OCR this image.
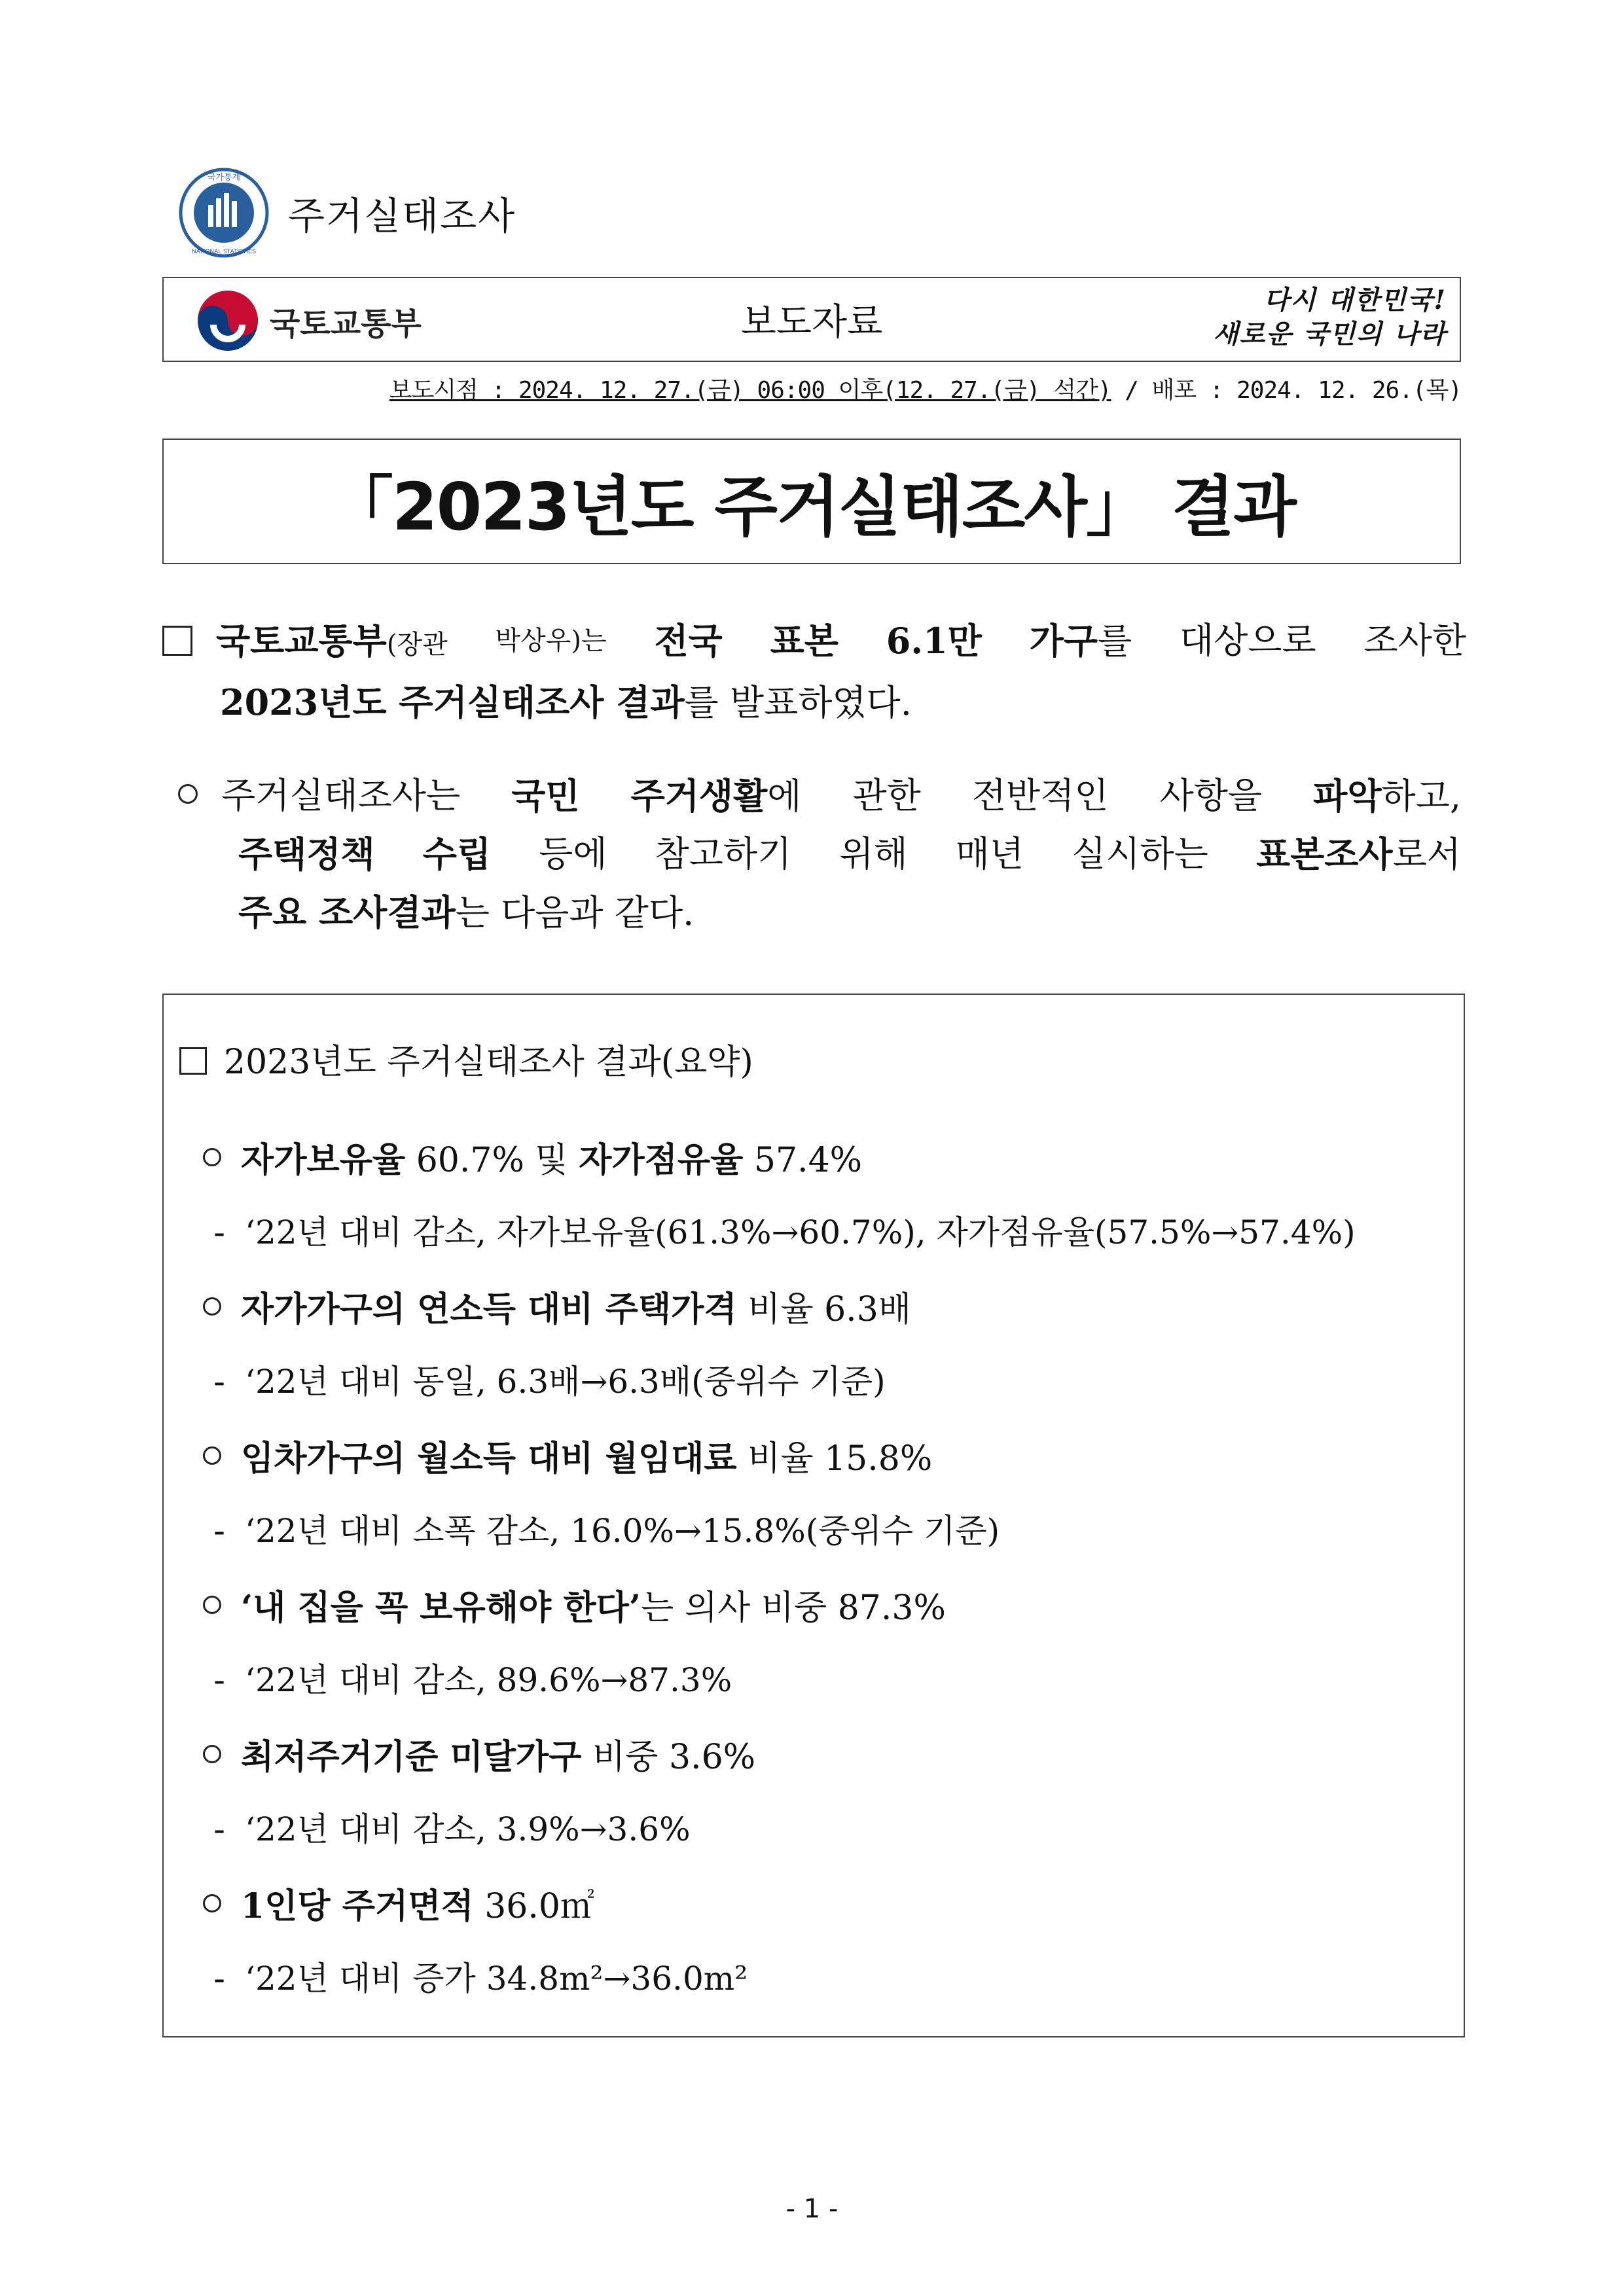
국가통계
NATIONAL STATISTICS
주거실태조사
국토교통부	보도자료
다시 대한민국!
새로운 국민의 나라
보도시점 : 2024. 12. 27.(금) 06:00 이후(12. 27.(금) 석간) / 배포 : 2024. 12. 26.(목)
「2023년도 주거실태조사」 결과
국토교통부(장관 박상우)는 전국 표본 6.1만 가구를 대상으로 조사한
2023년도 주거실태조사 결과를 발표하였다.
주거실태조사는 국민 주거생활에 관한 전반적인 사항을 파악하고,
주택정책 수립 등에 참고하기 위해 매년 실시하는 표본조사로서
주요 조사결과는 다음과 같다.
2023년도 주거실태조사 결과(요약)
자가보유율 60.7% 및 자가점유율 57.4%
- ‘22년 대비 감소, 자가보유율(61.3%→60.7%), 자가점유율(57.5%→57.4%)
자가가구의 연소득 대비 주택가격 비율 6.3배
- ‘22년 대비 동일, 6.3배→6.3배(중위수 기준)
임차가구의 월소득 대비 월임대료 비율 15.8%
- ‘22년 대비 소폭 감소, 16.0%→15.8%(중위수 기준)
‘내 집을 꼭 보유해야 한다’는 의사 비중 87.3%
- ‘22년 대비 감소, 89.6%→87.3%
최저주거기준 미달가구 비중 3.6%
- ‘22년 대비 감소, 3.9%→3.6%
1인당 주거면적 36.0㎡
- ‘22년 대비 증가 34.8m²→36.0m²
- 1 -
